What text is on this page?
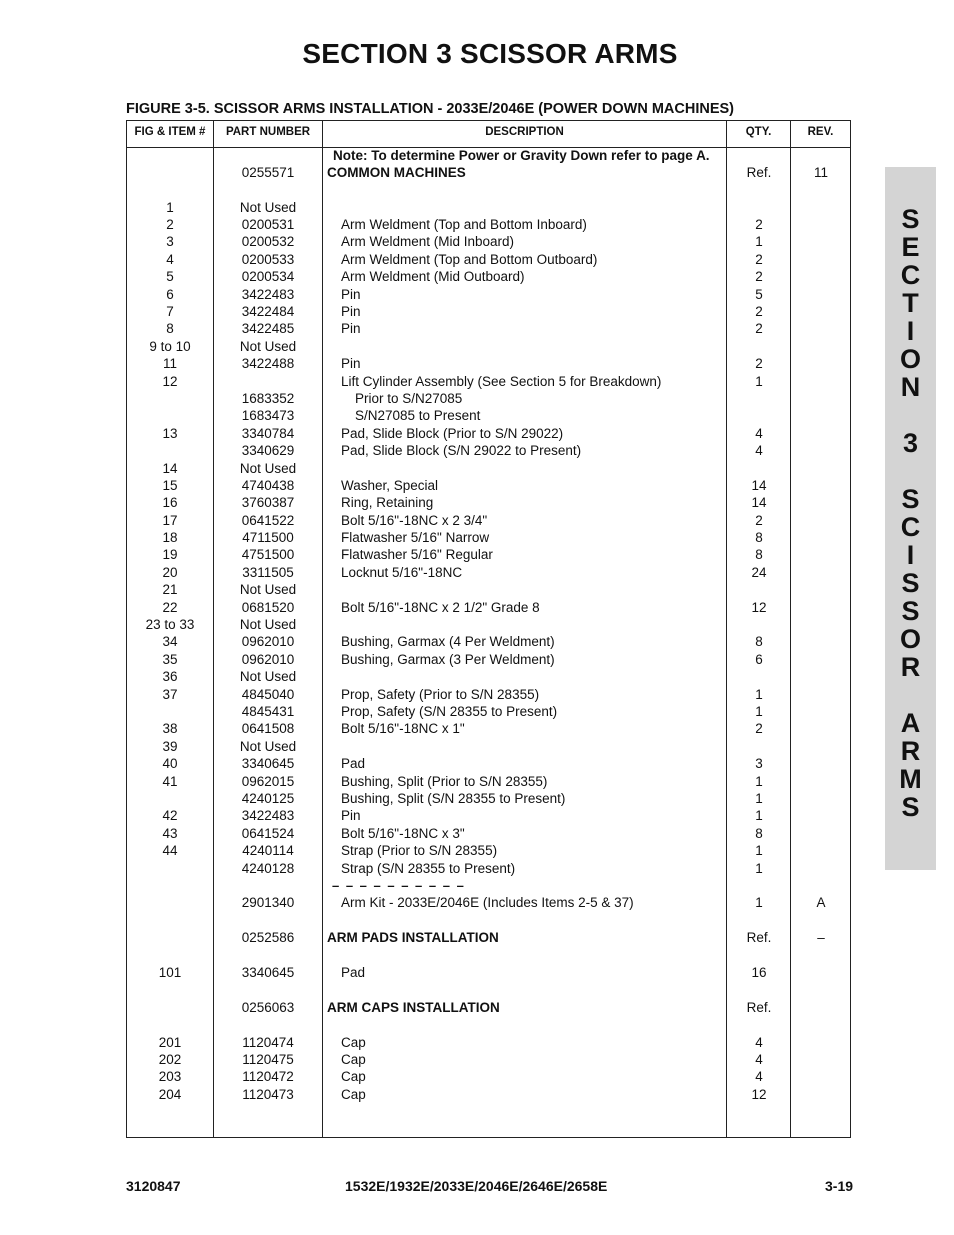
SECTION 3 SCISSOR ARMS
FIGURE 3-5. SCISSOR ARMS INSTALLATION - 2033E/2046E (POWER DOWN MACHINES)
FIG & ITEM #	PART NUMBER	DESCRIPTION	QTY.	REV.
Note: To determine Power or Gravity Down refer to page A.
– – – – – – – – – –
0255571	COMMON MACHINES	Ref.	11
1	Not Used
2	0200531	Arm Weldment (Top and Bottom Inboard)	2
3	0200532	Arm Weldment (Mid Inboard)	1
4	0200533	Arm Weldment (Top and Bottom Outboard)	2
5	0200534	Arm Weldment (Mid Outboard)	2
6	3422483	Pin	5
7	3422484	Pin	2
8	3422485	Pin	2
9 to 10	Not Used
11	3422488	Pin	2
12	Lift Cylinder Assembly (See Section 5 for Breakdown)	1
1683352	Prior to S/N27085
1683473	S/N27085 to Present
13	3340784	Pad, Slide Block (Prior to S/N 29022)	4
3340629	Pad, Slide Block (S/N 29022 to Present)	4
14	Not Used
15	4740438	Washer, Special	14
16	3760387	Ring, Retaining	14
17	0641522	Bolt 5/16"-18NC x 2 3/4"	2
18	4711500	Flatwasher 5/16" Narrow	8
19	4751500	Flatwasher 5/16" Regular	8
20	3311505	Locknut 5/16"-18NC	24
21	Not Used
22	0681520	Bolt 5/16"-18NC x 2 1/2" Grade 8	12
23 to 33	Not Used
34	0962010	Bushing, Garmax (4 Per Weldment)	8
35	0962010	Bushing, Garmax (3 Per Weldment)	6
36	Not Used
37	4845040	Prop, Safety (Prior to S/N 28355)	1
4845431	Prop, Safety (S/N 28355 to Present)	1
38	0641508	Bolt 5/16"-18NC x 1"	2
39	Not Used
40	3340645	Pad	3
41	0962015	Bushing, Split (Prior to S/N 28355)	1
4240125	Bushing, Split (S/N 28355 to Present)	1
42	3422483	Pin	1
43	0641524	Bolt 5/16"-18NC x 3"	8
44	4240114	Strap (Prior to S/N 28355)	1
4240128	Strap (S/N 28355 to Present)	1
2901340	Arm Kit - 2033E/2046E (Includes Items 2-5 & 37)	1	A
0252586	ARM PADS INSTALLATION	Ref.	–
101	3340645	Pad	16
0256063	ARM CAPS INSTALLATION	Ref.
201	1120474	Cap	4
202	1120475	Cap	4
203	1120472	Cap	4
204	1120473	Cap	12
S
E
C
T
I
O
N
3
S
C
I
S
S
O
R
A
R
M
S
3120847	1532E/1932E/2033E/2046E/2646E/2658E	3-19
